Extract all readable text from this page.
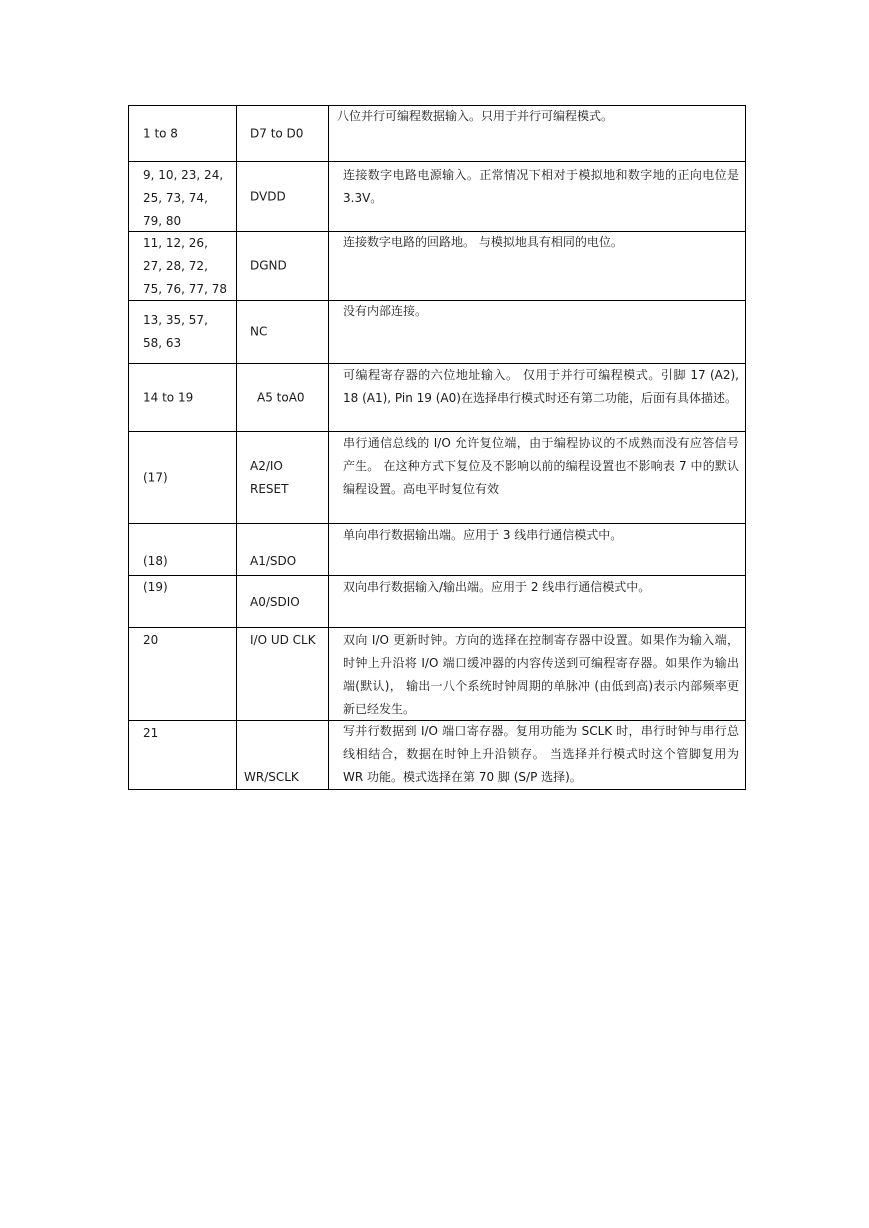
1 to 8	D7 to D0	八位并行可编程数据输入。只用于并行可编程模式。

9, 10, 23, 24, 25, 73, 74, 79, 80	DVDD	连接数字电路电源输入。正常情况下相对于模拟地和数字地的正向电位是 3.3V。

11, 12, 26, 27, 28, 72, 75, 76, 77, 78	DGND	连接数字电路的回路地。 与模拟地具有相同的电位。

13, 35, 57, 58, 63	NC	没有内部连接。

14 to 19	A5 toA0	可编程寄存器的六位地址输入。 仅用于并行可编程模式。引脚 17 (A2), 18 (A1), Pin 19 (A0)在选择串行模式时还有第二功能，后面有具体描述。

(17)	A2/IO RESET	串行通信总线的 I/O 允许复位端，由于编程协议的不成熟而没有应答信号产生。 在这种方式下复位及不影响以前的编程设置也不影响表 7 中的默认编程设置。高电平时复位有效

(18)	A1/SDO	单向串行数据输出端。应用于 3 线串行通信模式中。

(19)	A0/SDIO	双向串行数据输入/输出端。应用于 2 线串行通信模式中。

20	I/O UD CLK	双向 I/O 更新时钟。方向的选择在控制寄存器中设置。如果作为输入端， 时钟上升沿将 I/O 端口缓冲器的内容传送到可编程寄存器。如果作为输出端(默认)， 输出一八个系统时钟周期的单脉冲 (由低到高)表示内部频率更新已经发生。

21	WR/SCLK	写并行数据到 I/O 端口寄存器。复用功能为 SCLK 时，串行时钟与串行总线相结合，数据在时钟上升沿锁存。 当选择并行模式时这个管脚复用为 WR 功能。模式选择在第 70 脚 (S/P 选择)。
